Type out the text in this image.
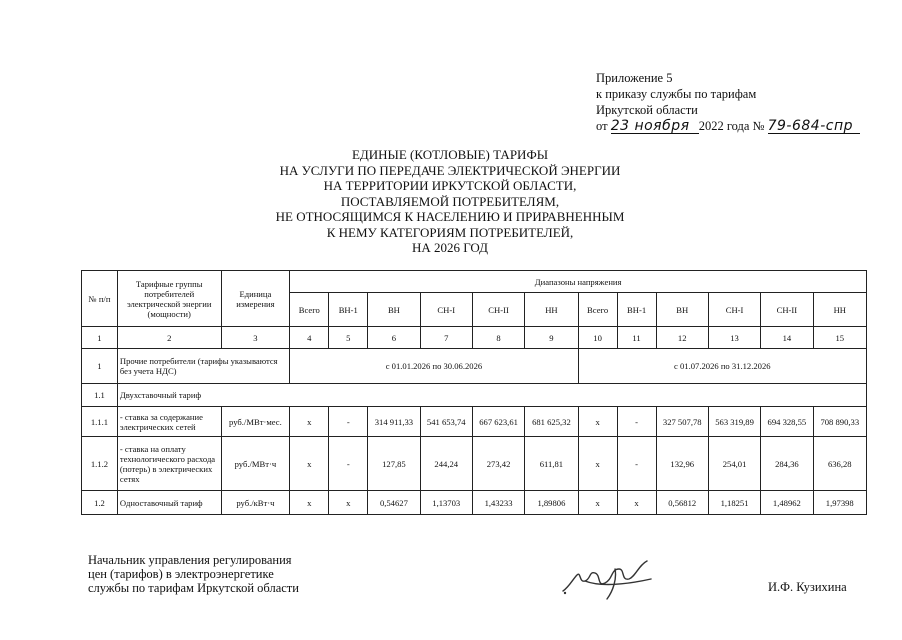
Приложение 5
к приказу службы по тарифам
Иркутской области
от 23 ноября 2022 года № 79-684-спр
ЕДИНЫЕ (КОТЛОВЫЕ) ТАРИФЫ
НА УСЛУГИ ПО ПЕРЕДАЧЕ ЭЛЕКТРИЧЕСКОЙ ЭНЕРГИИ
НА ТЕРРИТОРИИ ИРКУТСКОЙ ОБЛАСТИ,
ПОСТАВЛЯЕМОЙ ПОТРЕБИТЕЛЯМ,
НЕ ОТНОСЯЩИМСЯ К НАСЕЛЕНИЮ И ПРИРАВНЕННЫМ
К НЕМУ КАТЕГОРИЯМ ПОТРЕБИТЕЛЕЙ,
НА 2026 ГОД
№ п/п	Тарифные группы потребителей электрической энергии (мощности)	Единица измерения	Диапазоны напряжения											
			Всего	ВН-1	ВН	СН-I	СН-II	НН	Всего	ВН-1	ВН	СН-I	СН-II	НН
1	2	3	4	5	6	7	8	9	10	11	12	13	14	15
1	Прочие потребители (тарифы указываются без учета НДС)		с 01.01.2026 по 30.06.2026						с 01.07.2026 по 31.12.2026					
1.1	Двухставочный тариф													
1.1.1	- ставка за содержание электрических сетей	руб./МВт·мес.	х	-	314 911,33	541 653,74	667 623,61	681 625,32	х	-	327 507,78	563 319,89	694 328,55	708 890,33
1.1.2	- ставка на оплату технологического расхода (потерь) в электрических сетях	руб./МВт·ч	х	-	127,85	244,24	273,42	611,81	х	-	132,96	254,01	284,36	636,28
1.2	Одноставочный тариф	руб./кВт·ч	х	х	0,54627	1,13703	1,43233	1,89806	х	х	0,56812	1,18251	1,48962	1,97398
Начальник управления регулирования
цен (тарифов) в электроэнергетике
службы по тарифам Иркутской области	И.Ф. Кузихина
